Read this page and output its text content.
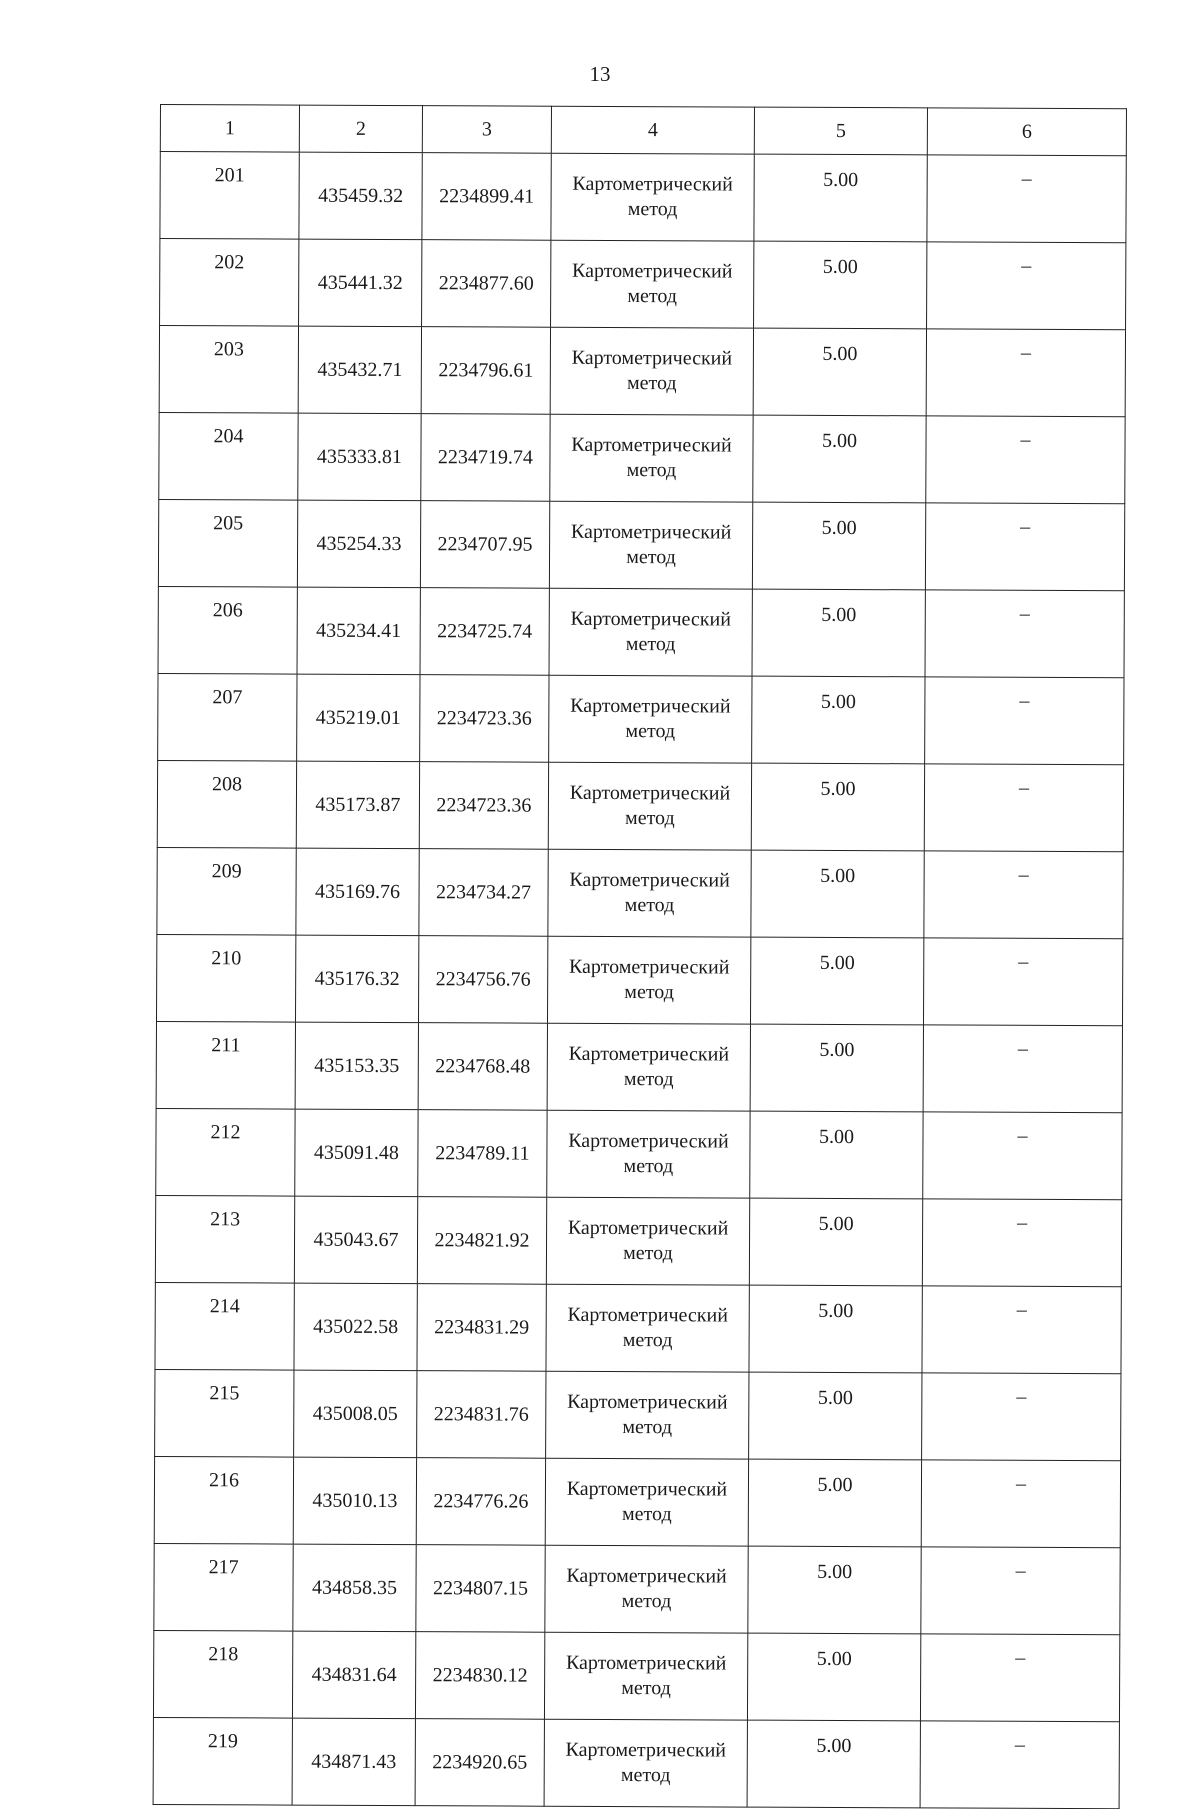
13
1	2	3	4	5	6
201	435459.32	2234899.41	Картометрический
метод	5.00	–
202	435441.32	2234877.60	Картометрический
метод	5.00	–
203	435432.71	2234796.61	Картометрический
метод	5.00	–
204	435333.81	2234719.74	Картометрический
метод	5.00	–
205	435254.33	2234707.95	Картометрический
метод	5.00	–
206	435234.41	2234725.74	Картометрический
метод	5.00	–
207	435219.01	2234723.36	Картометрический
метод	5.00	–
208	435173.87	2234723.36	Картометрический
метод	5.00	–
209	435169.76	2234734.27	Картометрический
метод	5.00	–
210	435176.32	2234756.76	Картометрический
метод	5.00	–
211	435153.35	2234768.48	Картометрический
метод	5.00	–
212	435091.48	2234789.11	Картометрический
метод	5.00	–
213	435043.67	2234821.92	Картометрический
метод	5.00	–
214	435022.58	2234831.29	Картометрический
метод	5.00	–
215	435008.05	2234831.76	Картометрический
метод	5.00	–
216	435010.13	2234776.26	Картометрический
метод	5.00	–
217	434858.35	2234807.15	Картометрический
метод	5.00	–
218	434831.64	2234830.12	Картометрический
метод	5.00	–
219	434871.43	2234920.65	Картометрический
метод	5.00	–
